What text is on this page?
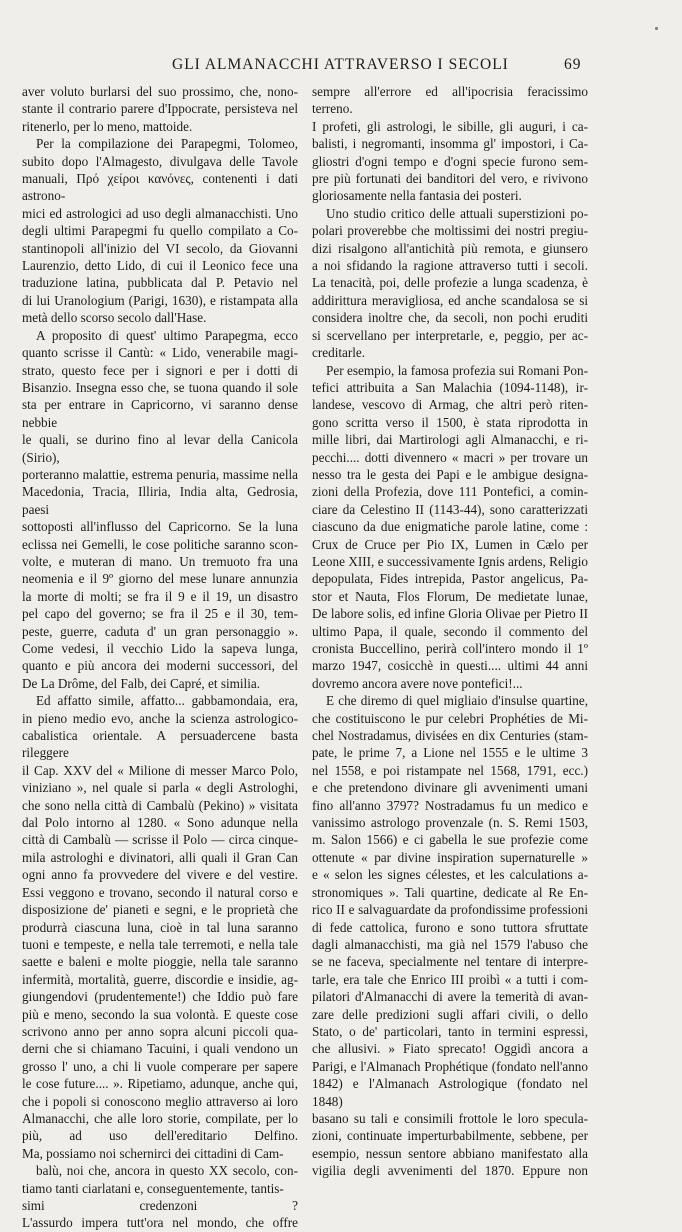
GLI ALMANACCHI ATTRAVERSO I SECOLI	69

aver voluto burlarsi del suo prossimo, che, nono-

stante il contrario parere d'Ippocrate, persisteva nel

ritenerlo, per lo meno, mattoide.

Per la compilazione dei Parapegmi, Tolomeo,

subito dopo l'Almagesto, divulgava delle Tavole

manuali, Πρό χείροι κανόνες, contenenti i dati astrono-

mici ed astrologici ad uso degli almanacchisti. Uno

degli ultimi Parapegmi fu quello compilato a Co-

stantinopoli all'inizio del VI secolo, da Giovanni

Laurenzio, detto Lido, di cui il Leonico fece una

traduzione latina, pubblicata dal P. Petavio nel

di lui Uranologium (Parigi, 1630), e ristampata alla

metà dello scorso secolo dall'Hase.

A proposito di quest' ultimo Parapegma, ecco

quanto scrisse il Cantù: « Lido, venerabile magi-

strato, questo fece per i signori e per i dotti di

Bisanzio. Insegna esso che, se tuona quando il sole

sta per entrare in Capricorno, vi saranno dense nebbie

le quali, se durino fino al levar della Canicola (Sirio),

porteranno malattie, estrema penuria, massime nella

Macedonia, Tracia, Illiria, India alta, Gedrosia, paesi

sottoposti all'influsso del Capricorno. Se la luna

eclissa nei Gemelli, le cose politiche saranno scon-

volte, e muteran di mano. Un tremuoto fra una

neomenia e il 9º giorno del mese lunare annunzia

la morte di molti; se fra il 9 e il 19, un disastro

pel capo del governo; se fra il 25 e il 30, tem-

peste, guerre, caduta d' un gran personaggio ».

Come vedesi, il vecchio Lido la sapeva lunga,

quanto e più ancora dei moderni successori, del

De La Drôme, del Falb, dei Capré, et similia.

Ed affatto simile, affatto... gabbamondaia, era,

in pieno medio evo, anche la scienza astrologico-

cabalistica orientale. A persuadercene basta rileggere

il Cap. XXV del « Milione di messer Marco Polo,

viniziano », nel quale si parla « degli Astrologhi,

che sono nella città di Cambalù (Pekino) » visitata

dal Polo intorno al 1280. « Sono adunque nella

città di Cambalù — scrisse il Polo — circa cinque-

mila astrologhi e divinatori, alli quali il Gran Can

ogni anno fa provvedere del vivere e del vestire.

Essi veggono e trovano, secondo il natural corso e

disposizione de' pianeti e segni, e le proprietà che

produrrà ciascuna luna, cioè in tal luna saranno

tuoni e tempeste, e nella tale terremoti, e nella tale

saette e baleni e molte pioggie, nella tale saranno

infermità, mortalità, guerre, discordie e insidie, ag-

giungendovi (prudentemente!) che Iddio può fare

più e meno, secondo la sua volontà. E queste cose

scrivono anno per anno sopra alcuni piccoli qua-

derni che si chiamano Tacuini, i quali vendono un

grosso l' uno, a chi li vuole comperare per sapere

le cose future.... ». Ripetiamo, adunque, anche qui,

che i popoli si conoscono meglio attraverso ai loro

Almanacchi, che alle loro storie, compilate, per lo

più, ad uso dell'ereditario Delfino.

Ma, possiamo noi schernirci dei cittadini di Cam-

balù, noi che, ancora in questo XX secolo, con-

tiamo tanti ciarlatani e, conseguentemente, tantis-

simi credenzoni ?

L'assurdo impera tutt'ora nel mondo, che offre

sempre all'errore ed all'ipocrisia feracissimo terreno.

I profeti, gli astrologi, le sibille, gli auguri, i ca-

balisti, i negromanti, insomma gl' impostori, i Ca-

gliostri d'ogni tempo e d'ogni specie furono sem-

pre più fortunati dei banditori del vero, e rivivono

gloriosamente nella fantasia dei posteri.

Uno studio critico delle attuali superstizioni po-

polari proverebbe che moltissimi dei nostri pregiu-

dizi risalgono all'antichità più remota, e giunsero

a noi sfidando la ragione attraverso tutti i secoli.

La tenacità, poi, delle profezie a lunga scadenza, è

addirittura meravigliosa, ed anche scandalosa se si

considera inoltre che, da secoli, non pochi eruditi

si scervellano per interpretarle, e, peggio, per ac-

creditarle.

Per esempio, la famosa profezia sui Romani Pon-

tefici attribuita a San Malachia (1094-1148), ir-

landese, vescovo di Armag, che altri però riten-

gono scritta verso il 1500, è stata riprodotta in

mille libri, dai Martirologi agli Almanacchi, e ri-

pecchi.... dotti divennero « macri » per trovare un

nesso tra le gesta dei Papi e le ambigue designa-

zioni della Profezia, dove 111 Pontefici, a comin-

ciare da Celestino II (1143-44), sono caratterizzati

ciascuno da due enigmatiche parole latine, come :

Crux de Cruce per Pio IX, Lumen in Cælo per

Leone XIII, e successivamente Ignis ardens, Religio

depopulata, Fides intrepida, Pastor angelicus, Pa-

stor et Nauta, Flos Florum, De medietate lunae,

De labore solis, ed infine Gloria Olivae per Pietro II

ultimo Papa, il quale, secondo il commento del

cronista Buccellino, perirà coll'intero mondo il 1º

marzo 1947, cosicchè in questi.... ultimi 44 anni

dovremo ancora avere nove pontefici!...

E che diremo di quel migliaio d'insulse quartine,

che costituiscono le pur celebri Prophéties de Mi-

chel Nostradamus, divisées en dix Centuries (stam-

pate, le prime 7, a Lione nel 1555 e le ultime 3

nel 1558, e poi ristampate nel 1568, 1791, ecc.)

e che pretendono divinare gli avvenimenti umani

fino all'anno 3797? Nostradamus fu un medico e

vanissimo astrologo provenzale (n. S. Remi 1503,

m. Salon 1566) e ci gabella le sue profezie come

ottenute « par divine inspiration supernaturelle »

e « selon les signes célestes, et les calculations a-

stronomiques ». Tali quartine, dedicate al Re En-

rico II e salvaguardate da profondissime professioni

di fede cattolica, furono e sono tuttora sfruttate

dagli almanacchisti, ma già nel 1579 l'abuso che

se ne faceva, specialmente nel tentare di interpre-

tarle, era tale che Enrico III proibì « a tutti i com-

pilatori d'Almanacchi di avere la temerità di avan-

zare delle predizioni sugli affari civili, o dello

Stato, o de' particolari, tanto in termini espressi,

che allusivi. » Fiato sprecato! Oggidì ancora a

Parigi, e l'Almanach Prophétique (fondato nell'anno

1842) e l'Almanach Astrologique (fondato nel 1848)

basano su tali e consimili frottole le loro specula-

zioni, continuate imperturbabilmente, sebbene, per

esempio, nessun sentore abbiano manifestato alla

vigilia degli avvenimenti del 1870. Eppure non
